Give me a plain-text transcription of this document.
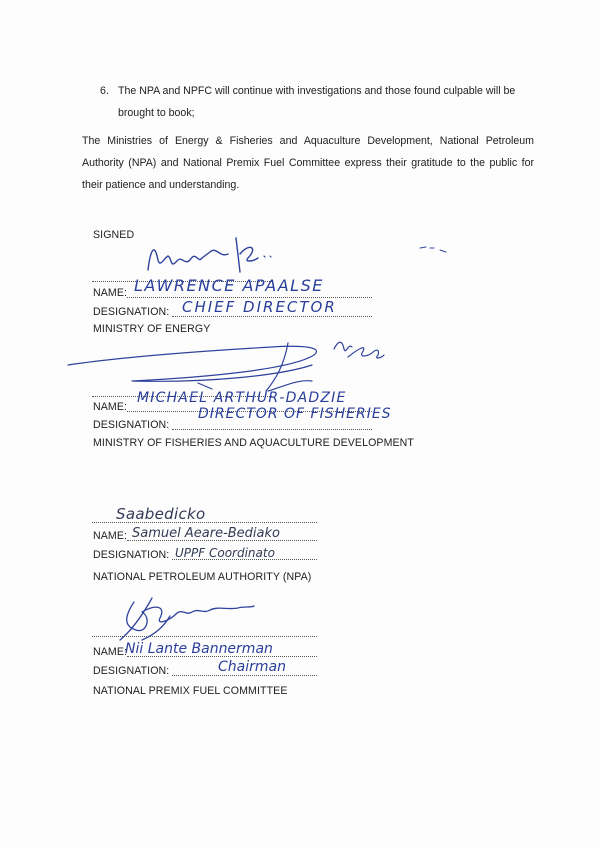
6. The NPA and NPFC will continue with investigations and those found culpable will be brought to book;
The Ministries of Energy & Fisheries and Aquaculture Development, National Petroleum Authority (NPA) and National Premix Fuel Committee express their gratitude to the public for their patience and understanding.
SIGNED
NAME: LAWRENCE APAALSE
DESIGNATION: CHIEF DIRECTOR
MINISTRY OF ENERGY
NAME:
MICHAEL ARTHUR-DADZIE
DESIGNATION:
DIRECTOR OF FISHERIES
MINISTRY OF FISHERIES AND AQUACULTURE DEVELOPMENT
Saabedicko
NAME: Samuel Aeare-Bediako
DESIGNATION: UPPF Coordinato
NATIONAL PETROLEUM AUTHORITY (NPA)
NAME:
Nii Lante Bannerman
DESIGNATION:	Chairman
NATIONAL PREMIX FUEL COMMITTEE
